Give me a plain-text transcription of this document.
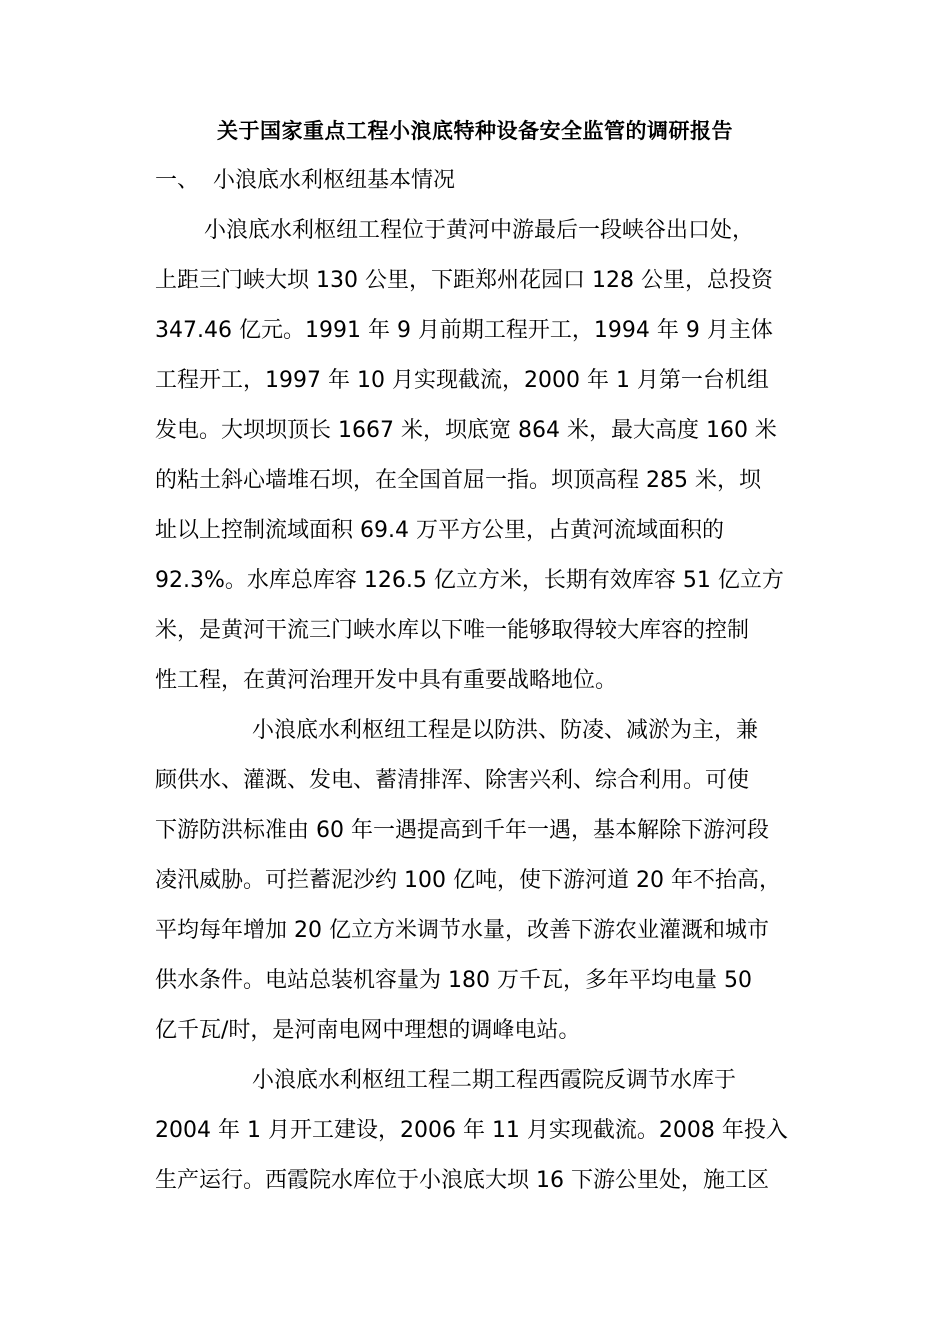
关于国家重点工程小浪底特种设备安全监管的调研报告
一、 小浪底水利枢纽基本情况
小浪底水利枢纽工程位于黄河中游最后一段峡谷出口处，
上距三门峡大坝 130 公里，下距郑州花园口 128 公里，总投资
347.46 亿元。1991 年 9 月前期工程开工，1994 年 9 月主体
工程开工，1997 年 10 月实现截流，2000 年 1 月第一台机组
发电。大坝坝顶长 1667 米，坝底宽 864 米，最大高度 160 米
的粘土斜心墙堆石坝，在全国首屈一指。坝顶高程 285 米，坝
址以上控制流域面积 69.4 万平方公里，占黄河流域面积的
92.3%。水库总库容 126.5 亿立方米，长期有效库容 51 亿立方
米，是黄河干流三门峡水库以下唯一能够取得较大库容的控制
性工程，在黄河治理开发中具有重要战略地位。
小浪底水利枢纽工程是以防洪、防凌、减淤为主，兼
顾供水、灌溉、发电、蓄清排浑、除害兴利、综合利用。可使
下游防洪标准由 60 年一遇提高到千年一遇，基本解除下游河段
凌汛威胁。可拦蓄泥沙约 100 亿吨，使下游河道 20 年不抬高，
平均每年增加 20 亿立方米调节水量，改善下游农业灌溉和城市
供水条件。电站总装机容量为 180 万千瓦，多年平均电量 50
亿千瓦/时，是河南电网中理想的调峰电站。
小浪底水利枢纽工程二期工程西霞院反调节水库于
2004 年 1 月开工建设，2006 年 11 月实现截流。2008 年投入
生产运行。西霞院水库位于小浪底大坝 16 下游公里处，施工区
